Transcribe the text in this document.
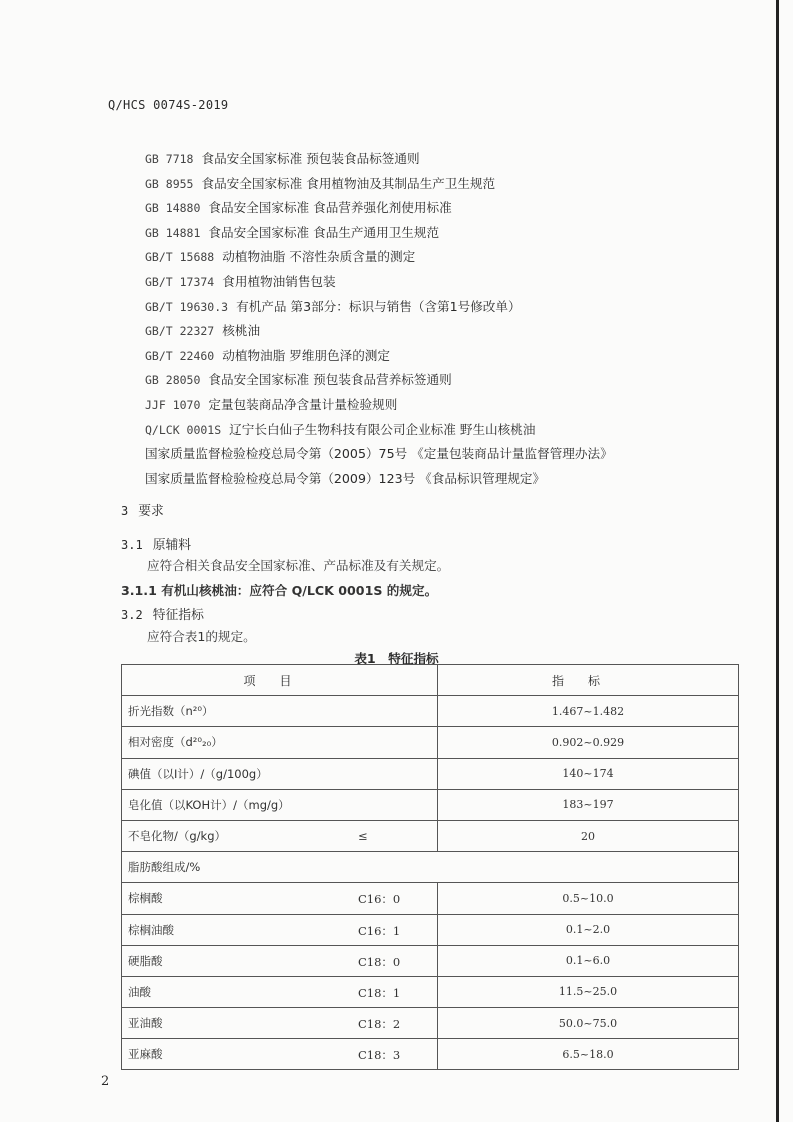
Q/HCS 0074S-2019
GB 7718 食品安全国家标准 预包装食品标签通则
GB 8955 食品安全国家标准 食用植物油及其制品生产卫生规范
GB 14880 食品安全国家标准 食品营养强化剂使用标准
GB 14881 食品安全国家标准 食品生产通用卫生规范
GB/T 15688 动植物油脂 不溶性杂质含量的测定
GB/T 17374 食用植物油销售包装
GB/T 19630.3 有机产品 第3部分：标识与销售（含第1号修改单）
GB/T 22327 核桃油
GB/T 22460 动植物油脂 罗维朋色泽的测定
GB 28050 食品安全国家标准 预包装食品营养标签通则
JJF 1070 定量包装商品净含量计量检验规则
Q/LCK 0001S 辽宁长白仙子生物科技有限公司企业标准 野生山核桃油
国家质量监督检验检疫总局令第（2005）75号 《定量包装商品计量监督管理办法》
国家质量监督检验检疫总局令第（2009）123号 《食品标识管理规定》
3 要求
3.1 原辅料
应符合相关食品安全国家标准、产品标准及有关规定。
3.1.1 有机山核桃油：应符合 Q/LCK 0001S 的规定。
3.2 特征指标
应符合表1的规定。
表1　特征指标
项目	指标
折光指数（n²⁰）	1.467~1.482
相对密度（d²⁰₂₀）	0.902~0.929
碘值（以I计）/（g/100g）	140~174
皂化值（以KOH计）/（mg/g）	183~197
不皂化物/（g/kg） ≤	20
脂肪酸组成/%	

棕榈酸 C16：0	0.5~10.0
棕榈油酸 C16：1	0.1~2.0
硬脂酸 C18：0	0.1~6.0
油酸 C18：1	11.5~25.0
亚油酸 C18：2	50.0~75.0
亚麻酸 C18：3	6.5~18.0
2
